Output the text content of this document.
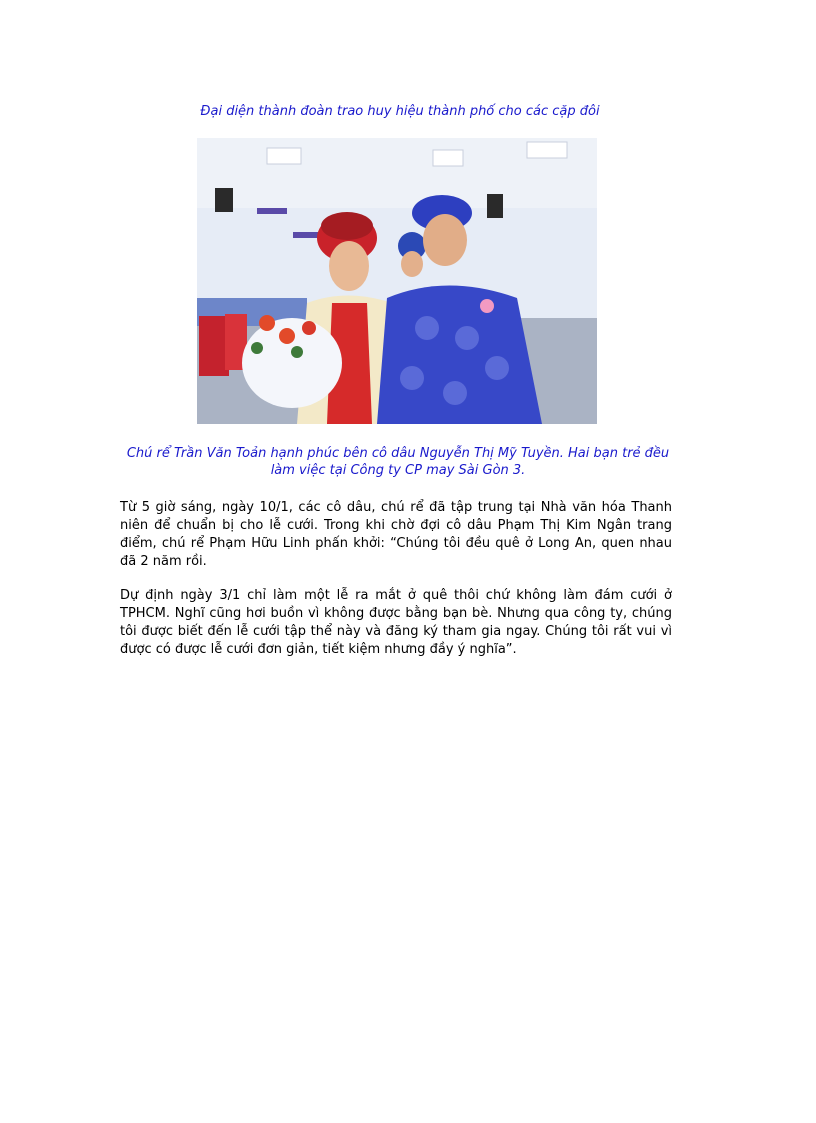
Đại diện thành đoàn trao huy hiệu thành phố cho các cặp đôi
Chú rể Trần Văn Toản hạnh phúc bên cô dâu Nguyễn Thị Mỹ Tuyền. Hai bạn trẻ đều làm việc tại Công ty CP may Sài Gòn 3.

Từ 5 giờ sáng, ngày 10/1, các cô dâu, chú rể đã tập trung tại Nhà văn hóa Thanh niên để chuẩn bị cho lễ cưới. Trong khi chờ đợi cô dâu Phạm Thị Kim Ngân trang điểm, chú rể Phạm Hữu Linh phấn khởi: “Chúng tôi đều quê ở Long An, quen nhau đã 2 năm rồi.

Dự định ngày 3/1 chỉ làm một lễ ra mắt ở quê thôi chứ không làm đám cưới ở TPHCM. Nghĩ cũng hơi buồn vì không được bằng bạn bè. Nhưng qua công ty, chúng tôi được biết đến lễ cưới tập thể này và đăng ký tham gia ngay. Chúng tôi rất vui vì được có được lễ cưới đơn giản, tiết kiệm nhưng đầy ý nghĩa”.
